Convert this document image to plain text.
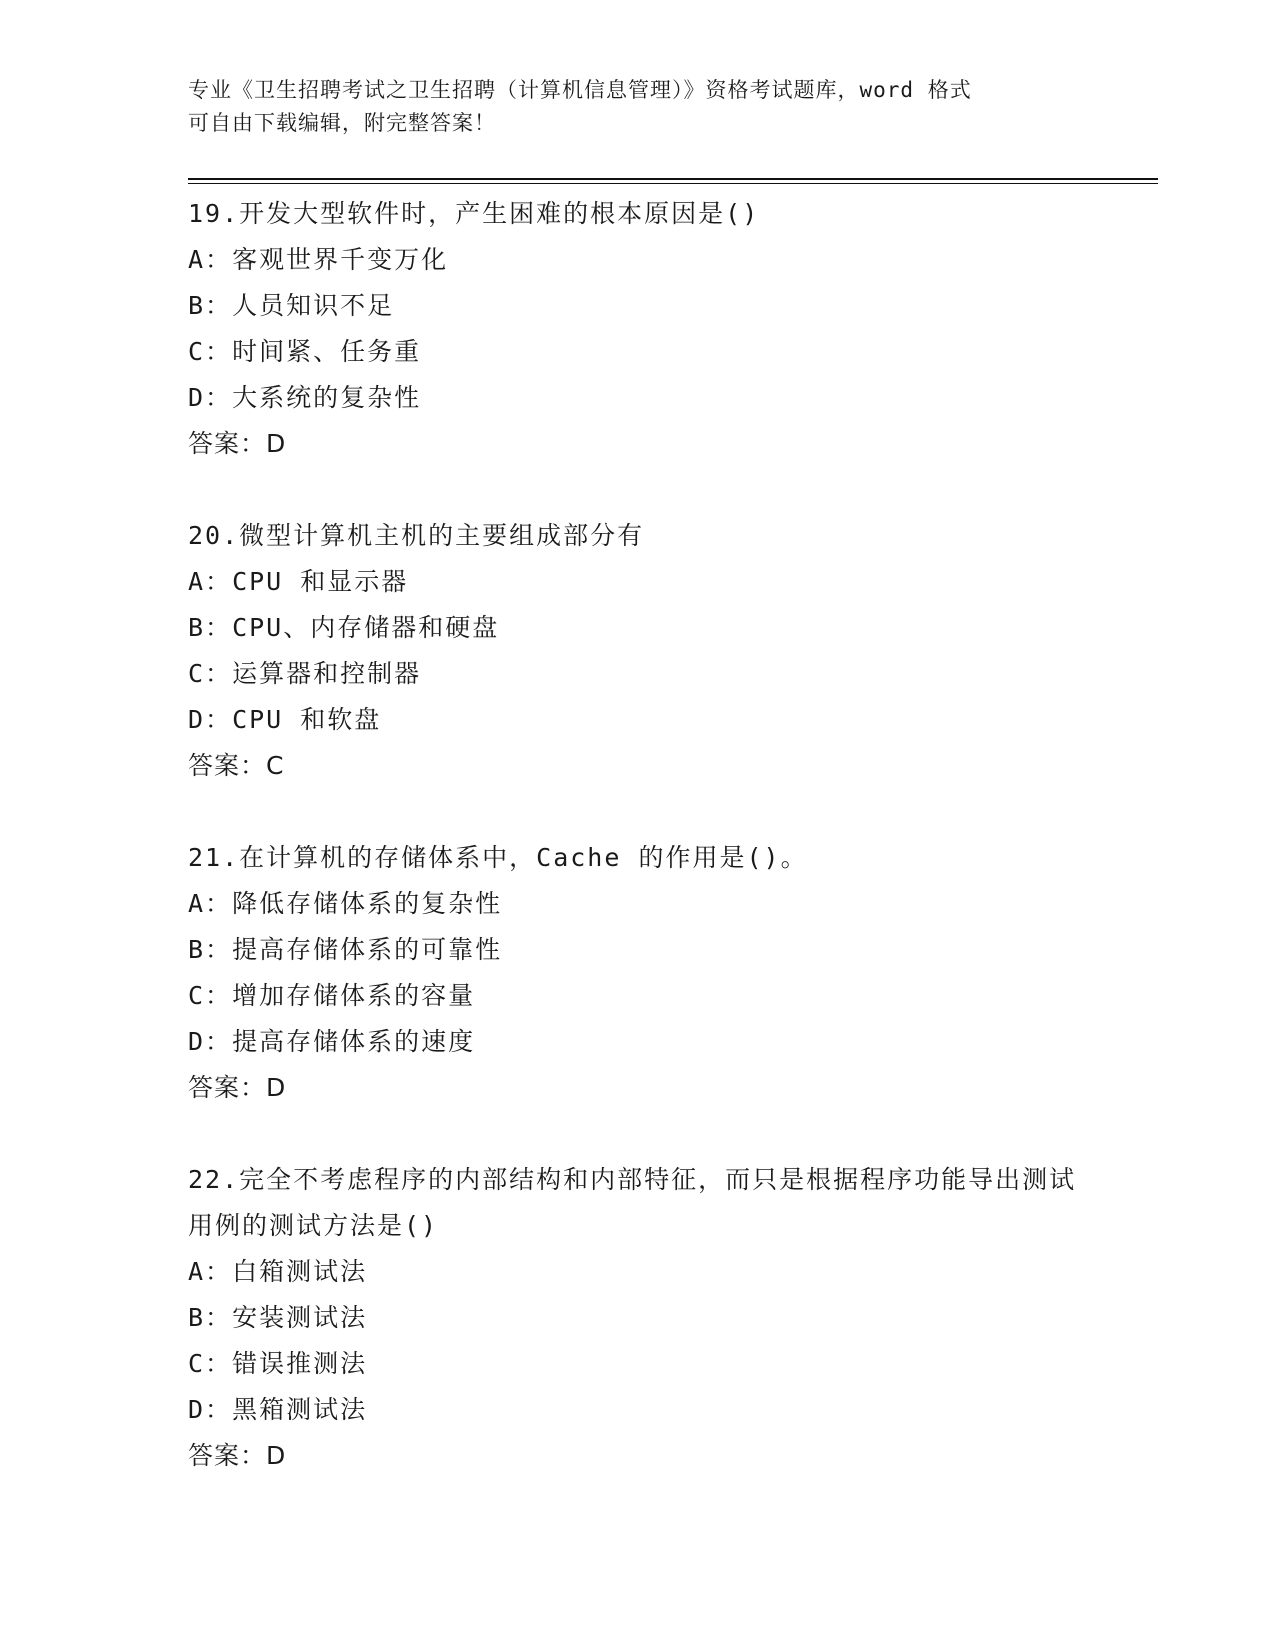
专业《卫生招聘考试之卫生招聘（计算机信息管理）》资格考试题库，word 格式
可自由下载编辑，附完整答案！
19.开发大型软件时，产生困难的根本原因是()
A：客观世界千变万化
B：人员知识不足
C：时间紧、任务重
D：大系统的复杂性
答案：D
20.微型计算机主机的主要组成部分有
A：CPU 和显示器
B：CPU、内存储器和硬盘
C：运算器和控制器
D：CPU 和软盘
答案：C
21.在计算机的存储体系中，Cache 的作用是()。
A：降低存储体系的复杂性
B：提高存储体系的可靠性
C：增加存储体系的容量
D：提高存储体系的速度
答案：D
22.完全不考虑程序的内部结构和内部特征，而只是根据程序功能导出测试用例的测试方法是()
A：白箱测试法
B：安装测试法
C：错误推测法
D：黑箱测试法
答案：D
